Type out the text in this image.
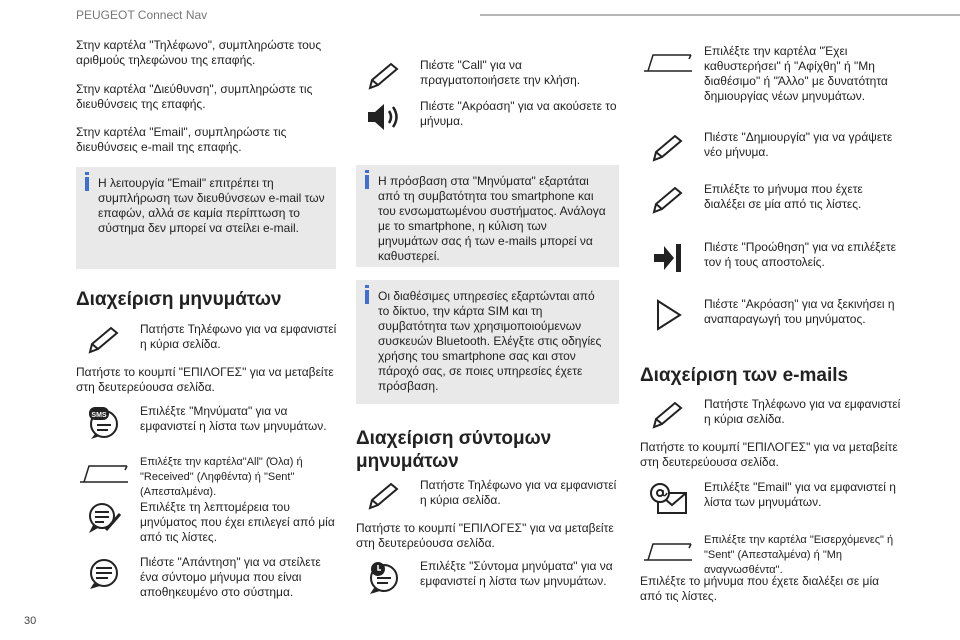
PEUGEOT Connect Nav
30

Στην καρτέλα "Τηλέφωνο", συμπληρώστε τους αριθμούς τηλεφώνου της επαφής.

Στην καρτέλα "Διεύθυνση", συμπληρώστε τις διευθύνσεις της επαφής.

Στην καρτέλα "Email", συμπληρώστε τις διευθύνσεις e-mail της επαφής.

Η λειτουργία "Email" επιτρέπει τη συμπλήρωση των διευθύνσεων e-mail των επαφών, αλλά σε καμία περίπτωση το σύστημα δεν μπορεί να στείλει e-mail.

Διαχείριση μηνυμάτων

Πατήστε Τηλέφωνο για να εμφανιστεί η κύρια σελίδα.

Πατήστε το κουμπί "ΕΠΙΛΟΓΕΣ" για να μεταβείτε στη δευτερεύουσα σελίδα.

SMS	Επιλέξτε "Μηνύματα" για να εμφανιστεί η λίστα των μηνυμάτων.

Επιλέξτε την καρτέλα"All" (Όλα) ή "Received" (Ληφθέντα) ή "Sent" (Απεσταλμένα).

Επιλέξτε τη λεπτομέρεια του μηνύματος που έχει επιλεγεί από μία από τις λίστες.

Πιέστε "Απάντηση" για να στείλετε ένα σύντομο μήνυμα που είναι αποθηκευμένο στο σύστημα.

Πιέστε "Call" για να πραγματοποιήσετε την κλήση.

Πιέστε "Ακρόαση" για να ακούσετε το μήνυμα.

Η πρόσβαση στα "Μηνύματα" εξαρτάται από τη συμβατότητα του smartphone και του ενσωματωμένου συστήματος. Ανάλογα με το smartphone, η κύλιση των μηνυμάτων σας ή των e-mails μπορεί να καθυστερεί.

Οι διαθέσιμες υπηρεσίες εξαρτώνται από το δίκτυο, την κάρτα SIM και τη συμβατότητα των χρησιμοποιούμενων συσκευών Bluetooth. Ελέγξτε στις οδηγίες χρήσης του smartphone σας και στον πάροχό σας, σε ποιες υπηρεσίες έχετε πρόσβαση.

Διαχείριση σύντομων
μηνυμάτων

Πατήστε Τηλέφωνο για να εμφανιστεί η κύρια σελίδα.

Πατήστε το κουμπί "ΕΠΙΛΟΓΕΣ" για να μεταβείτε στη δευτερεύουσα σελίδα.

Επιλέξτε "Σύντομα μηνύματα" για να εμφανιστεί η λίστα των μηνυμάτων.

Επιλέξτε την καρτέλα "Έχει καθυστερήσει" ή "Αφίχθη" ή "Μη διαθέσιμο" ή "Άλλο" με δυνατότητα δημιουργίας νέων μηνυμάτων.

Πιέστε "Δημιουργία" για να γράψετε νέο μήνυμα.

Επιλέξτε το μήνυμα που έχετε διαλέξει σε μία από τις λίστες.

Πιέστε "Προώθηση" για να επιλέξετε τον ή τους αποστολείς.

Πιέστε "Ακρόαση" για να ξεκινήσει η αναπαραγωγή του μηνύματος.

Διαχείριση των e-mails

Πατήστε Τηλέφωνο για να εμφανιστεί η κύρια σελίδα.

Πατήστε το κουμπί "ΕΠΙΛΟΓΕΣ" για να μεταβείτε στη δευτερεύουσα σελίδα.

Επιλέξτε "Email" για να εμφανιστεί η λίστα των μηνυμάτων.

Επιλέξτε την καρτέλα "Εισερχόμενες" ή "Sent" (Απεσταλμένα) ή "Μη αναγνωσθέντα".

Επιλέξτε το μήνυμα που έχετε διαλέξει σε μία από τις λίστες.
